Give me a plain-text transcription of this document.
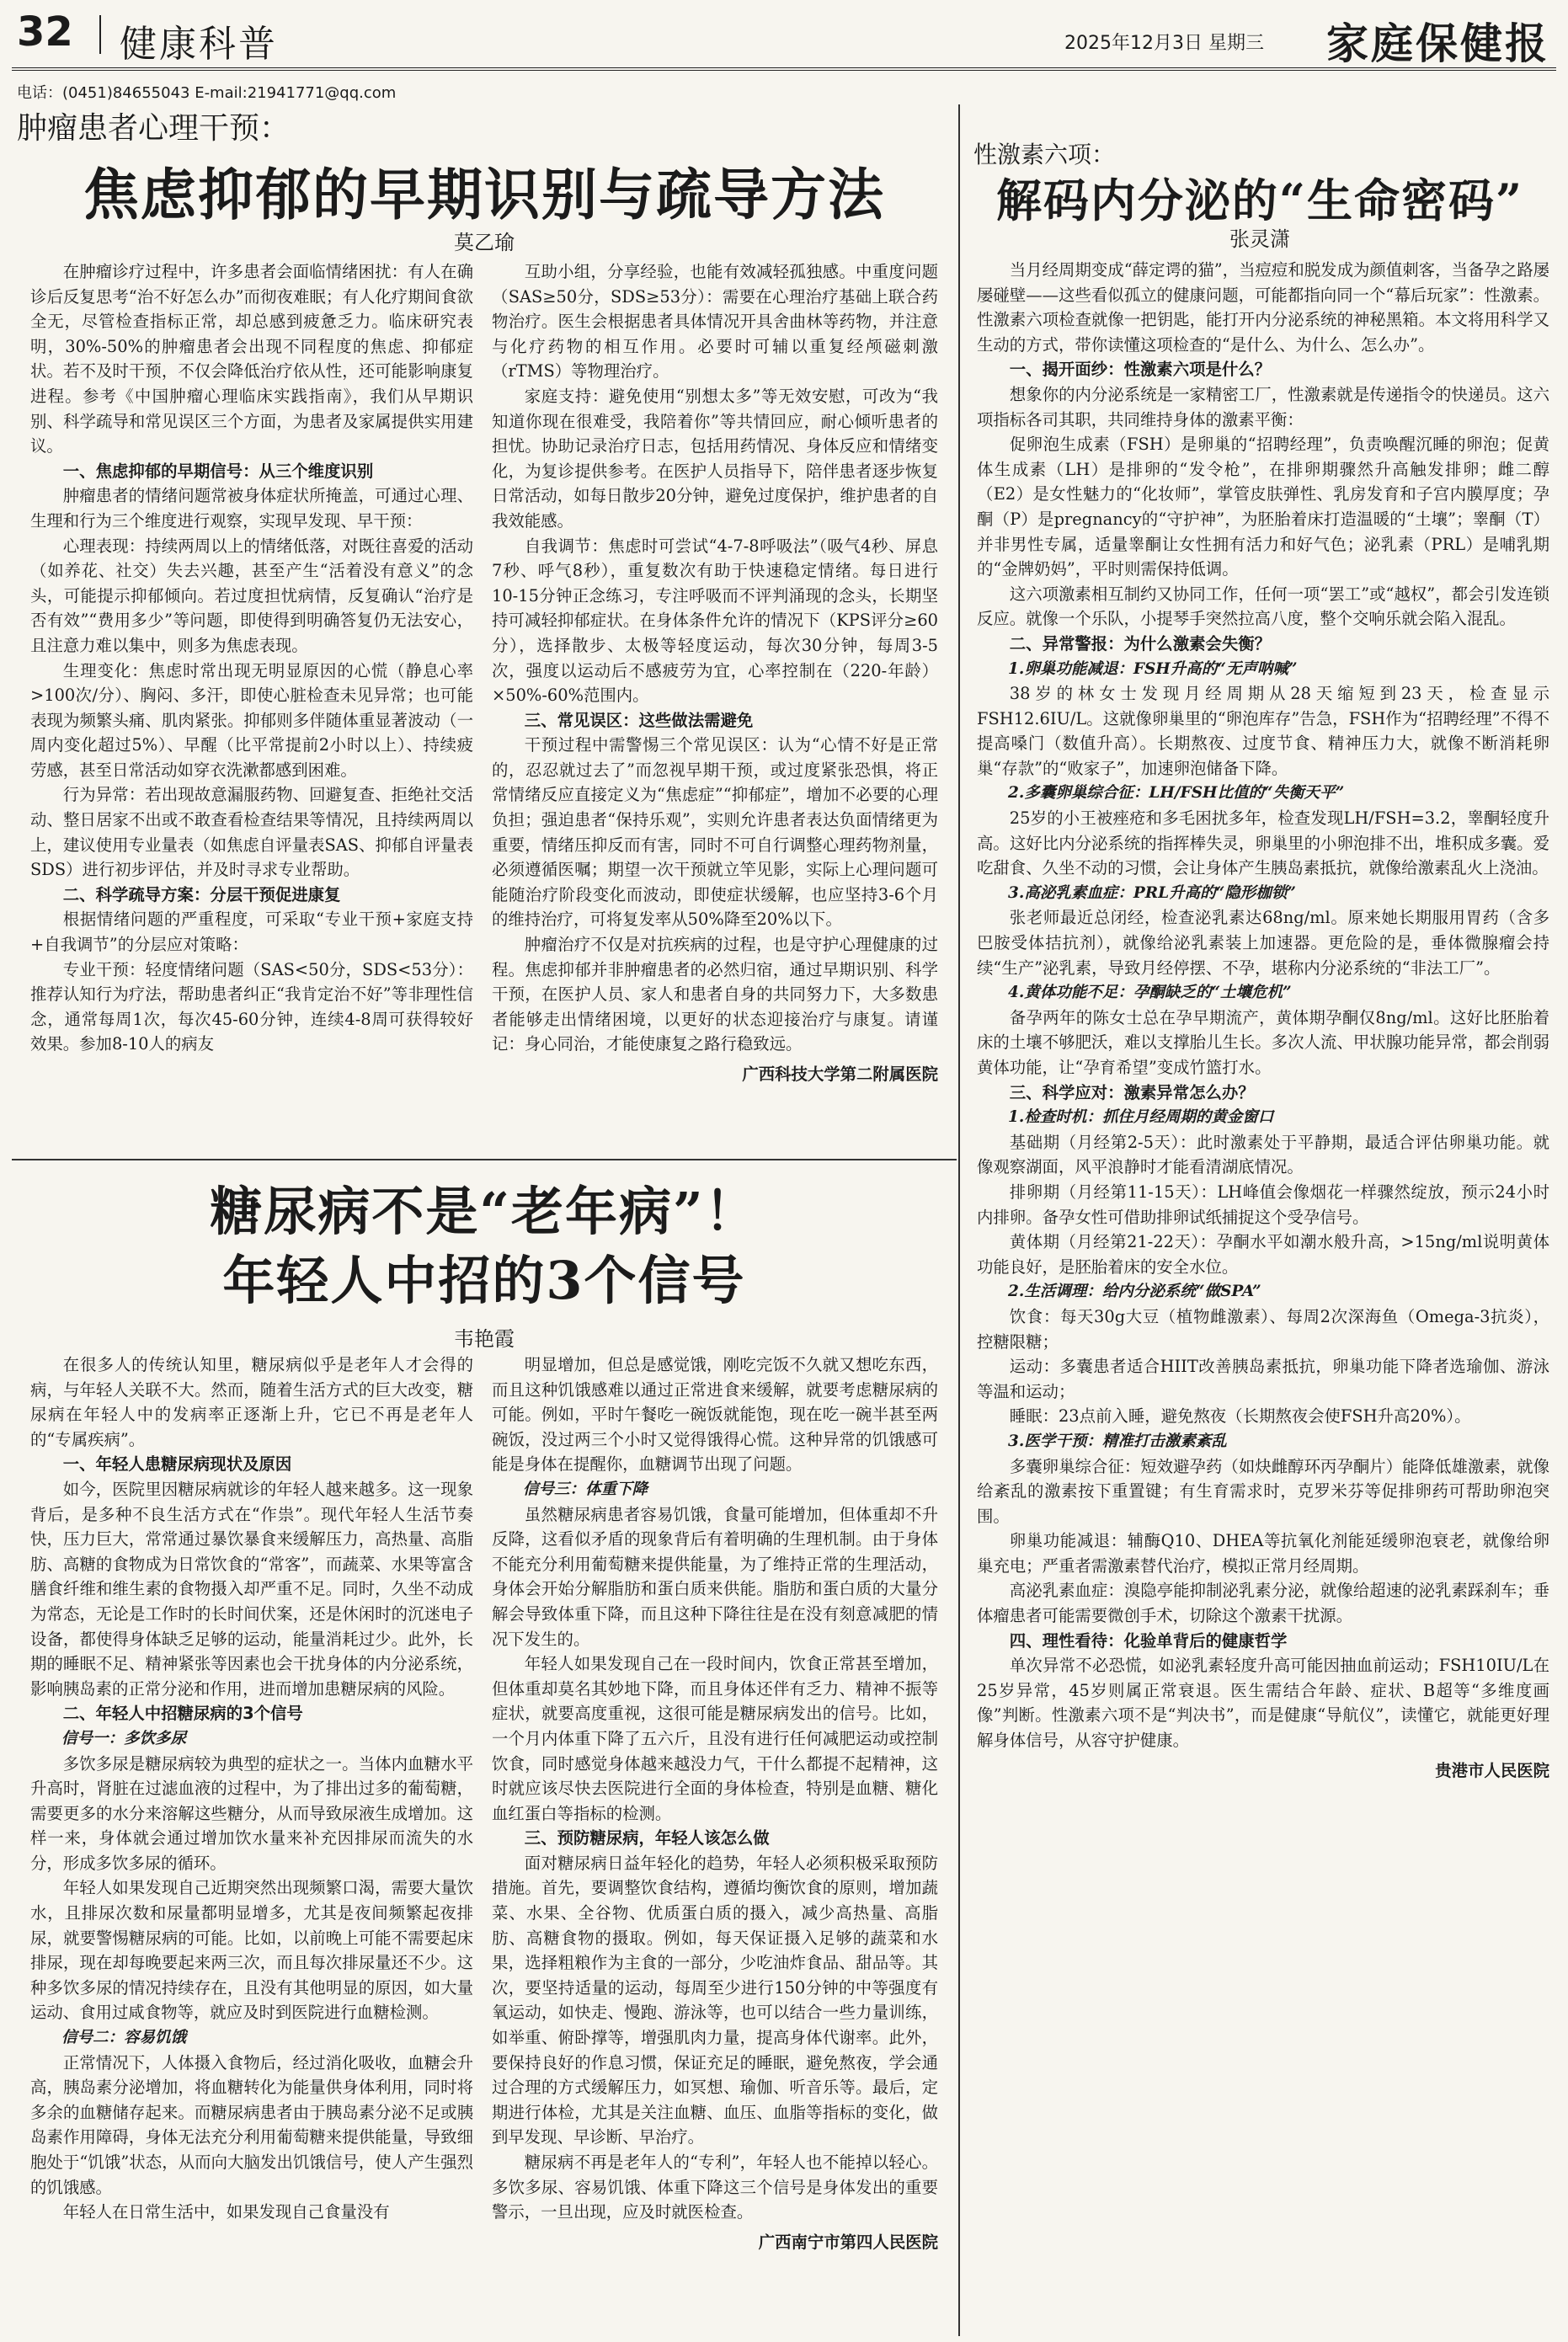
32 健康科普	2025年12月3日 星期三 家庭保健报
电话：(0451)84655043 E-mail:21941771@qq.com
肿瘤患者心理干预：
焦虑抑郁的早期识别与疏导方法
莫乙瑜

在肿瘤诊疗过程中，许多患者会面临情绪困扰：有人在确诊后反复思考“治不好怎么办”而彻夜难眠；有人化疗期间食欲全无，尽管检查指标正常，却总感到疲惫乏力。临床研究表明，30%-50%的肿瘤患者会出现不同程度的焦虑、抑郁症状。若不及时干预，不仅会降低治疗依从性，还可能影响康复进程。参考《中国肿瘤心理临床实践指南》，我们从早期识别、科学疏导和常见误区三个方面，为患者及家属提供实用建议。

一、焦虑抑郁的早期信号：从三个维度识别

肿瘤患者的情绪问题常被身体症状所掩盖，可通过心理、生理和行为三个维度进行观察，实现早发现、早干预：

心理表现：持续两周以上的情绪低落，对既往喜爱的活动（如养花、社交）失去兴趣，甚至产生“活着没有意义”的念头，可能提示抑郁倾向。若过度担忧病情，反复确认“治疗是否有效”“费用多少”等问题，即使得到明确答复仍无法安心，且注意力难以集中，则多为焦虑表现。

生理变化：焦虑时常出现无明显原因的心慌（静息心率>100次/分）、胸闷、多汗，即使心脏检查未见异常；也可能表现为频繁头痛、肌肉紧张。抑郁则多伴随体重显著波动（一周内变化超过5%）、早醒（比平常提前2小时以上）、持续疲劳感，甚至日常活动如穿衣洗漱都感到困难。

行为异常：若出现故意漏服药物、回避复查、拒绝社交活动、整日居家不出或不敢查看检查结果等情况，且持续两周以上，建议使用专业量表（如焦虑自评量表SAS、抑郁自评量表SDS）进行初步评估，并及时寻求专业帮助。

二、科学疏导方案：分层干预促进康复

根据情绪问题的严重程度，可采取“专业干预+家庭支持+自我调节”的分层应对策略：

专业干预：轻度情绪问题（SAS<50分，SDS<53分）：推荐认知行为疗法，帮助患者纠正“我肯定治不好”等非理性信念，通常每周1次，每次45-60分钟，连续4-8周可获得较好效果。参加8-10人的病友

互助小组，分享经验，也能有效减轻孤独感。中重度问题（SAS≥50分，SDS≥53分）：需要在心理治疗基础上联合药物治疗。医生会根据患者具体情况开具舍曲林等药物，并注意与化疗药物的相互作用。必要时可辅以重复经颅磁刺激（rTMS）等物理治疗。

家庭支持：避免使用“别想太多”等无效安慰，可改为“我知道你现在很难受，我陪着你”等共情回应，耐心倾听患者的担忧。协助记录治疗日志，包括用药情况、身体反应和情绪变化，为复诊提供参考。在医护人员指导下，陪伴患者逐步恢复日常活动，如每日散步20分钟，避免过度保护，维护患者的自我效能感。

自我调节：焦虑时可尝试“4-7-8呼吸法”（吸气4秒、屏息7秒、呼气8秒），重复数次有助于快速稳定情绪。每日进行10-15分钟正念练习，专注呼吸而不评判涌现的念头，长期坚持可减轻抑郁症状。在身体条件允许的情况下（KPS评分≥60分），选择散步、太极等轻度运动，每次30分钟，每周3-5次，强度以运动后不感疲劳为宜，心率控制在（220-年龄）×50%-60%范围内。

三、常见误区：这些做法需避免

干预过程中需警惕三个常见误区：认为“心情不好是正常的，忍忍就过去了”而忽视早期干预，或过度紧张恐惧，将正常情绪反应直接定义为“焦虑症”“抑郁症”，增加不必要的心理负担；强迫患者“保持乐观”，实则允许患者表达负面情绪更为重要，情绪压抑反而有害，同时不可自行调整心理药物剂量，必须遵循医嘱；期望一次干预就立竿见影，实际上心理问题可能随治疗阶段变化而波动，即使症状缓解，也应坚持3-6个月的维持治疗，可将复发率从50%降至20%以下。

肿瘤治疗不仅是对抗疾病的过程，也是守护心理健康的过程。焦虑抑郁并非肿瘤患者的必然归宿，通过早期识别、科学干预，在医护人员、家人和患者自身的共同努力下，大多数患者能够走出情绪困境，以更好的状态迎接治疗与康复。请谨记：身心同治，才能使康复之路行稳致远。

广西科技大学第二附属医院

糖尿病不是“老年病”！
年轻人中招的3个信号
韦艳霞

在很多人的传统认知里，糖尿病似乎是老年人才会得的病，与年轻人关联不大。然而，随着生活方式的巨大改变，糖尿病在年轻人中的发病率正逐渐上升，它已不再是老年人的“专属疾病”。

一、年轻人患糖尿病现状及原因

如今，医院里因糖尿病就诊的年轻人越来越多。这一现象背后，是多种不良生活方式在“作祟”。现代年轻人生活节奏快，压力巨大，常常通过暴饮暴食来缓解压力，高热量、高脂肪、高糖的食物成为日常饮食的“常客”，而蔬菜、水果等富含膳食纤维和维生素的食物摄入却严重不足。同时，久坐不动成为常态，无论是工作时的长时间伏案，还是休闲时的沉迷电子设备，都使得身体缺乏足够的运动，能量消耗过少。此外，长期的睡眠不足、精神紧张等因素也会干扰身体的内分泌系统，影响胰岛素的正常分泌和作用，进而增加患糖尿病的风险。

二、年轻人中招糖尿病的3个信号

信号一：多饮多尿

多饮多尿是糖尿病较为典型的症状之一。当体内血糖水平升高时，肾脏在过滤血液的过程中，为了排出过多的葡萄糖，需要更多的水分来溶解这些糖分，从而导致尿液生成增加。这样一来，身体就会通过增加饮水量来补充因排尿而流失的水分，形成多饮多尿的循环。

年轻人如果发现自己近期突然出现频繁口渴，需要大量饮水，且排尿次数和尿量都明显增多，尤其是夜间频繁起夜排尿，就要警惕糖尿病的可能。比如，以前晚上可能不需要起床排尿，现在却每晚要起来两三次，而且每次排尿量还不少。这种多饮多尿的情况持续存在，且没有其他明显的原因，如大量运动、食用过咸食物等，就应及时到医院进行血糖检测。

信号二：容易饥饿

正常情况下，人体摄入食物后，经过消化吸收，血糖会升高，胰岛素分泌增加，将血糖转化为能量供身体利用，同时将多余的血糖储存起来。而糖尿病患者由于胰岛素分泌不足或胰岛素作用障碍，身体无法充分利用葡萄糖来提供能量，导致细胞处于“饥饿”状态，从而向大脑发出饥饿信号，使人产生强烈的饥饿感。

年轻人在日常生活中，如果发现自己食量没有

明显增加，但总是感觉饿，刚吃完饭不久就又想吃东西，而且这种饥饿感难以通过正常进食来缓解，就要考虑糖尿病的可能。例如，平时午餐吃一碗饭就能饱，现在吃一碗半甚至两碗饭，没过两三个小时又觉得饿得心慌。这种异常的饥饿感可能是身体在提醒你，血糖调节出现了问题。

信号三：体重下降

虽然糖尿病患者容易饥饿，食量可能增加，但体重却不升反降，这看似矛盾的现象背后有着明确的生理机制。由于身体不能充分利用葡萄糖来提供能量，为了维持正常的生理活动，身体会开始分解脂肪和蛋白质来供能。脂肪和蛋白质的大量分解会导致体重下降，而且这种下降往往是在没有刻意减肥的情况下发生的。

年轻人如果发现自己在一段时间内，饮食正常甚至增加，但体重却莫名其妙地下降，而且身体还伴有乏力、精神不振等症状，就要高度重视，这很可能是糖尿病发出的信号。比如，一个月内体重下降了五六斤，且没有进行任何减肥运动或控制饮食，同时感觉身体越来越没力气，干什么都提不起精神，这时就应该尽快去医院进行全面的身体检查，特别是血糖、糖化血红蛋白等指标的检测。

三、预防糖尿病，年轻人该怎么做

面对糖尿病日益年轻化的趋势，年轻人必须积极采取预防措施。首先，要调整饮食结构，遵循均衡饮食的原则，增加蔬菜、水果、全谷物、优质蛋白质的摄入，减少高热量、高脂肪、高糖食物的摄取。例如，每天保证摄入足够的蔬菜和水果，选择粗粮作为主食的一部分，少吃油炸食品、甜品等。其次，要坚持适量的运动，每周至少进行150分钟的中等强度有氧运动，如快走、慢跑、游泳等，也可以结合一些力量训练，如举重、俯卧撑等，增强肌肉力量，提高身体代谢率。此外，要保持良好的作息习惯，保证充足的睡眠，避免熬夜，学会通过合理的方式缓解压力，如冥想、瑜伽、听音乐等。最后，定期进行体检，尤其是关注血糖、血压、血脂等指标的变化，做到早发现、早诊断、早治疗。

糖尿病不再是老年人的“专利”，年轻人也不能掉以轻心。多饮多尿、容易饥饿、体重下降这三个信号是身体发出的重要警示，一旦出现，应及时就医检查。

广西南宁市第四人民医院

性激素六项：
解码内分泌的“生命密码”
张灵潇

当月经周期变成“薛定谔的猫”，当痘痘和脱发成为颜值刺客，当备孕之路屡屡碰壁——这些看似孤立的健康问题，可能都指向同一个“幕后玩家”：性激素。性激素六项检查就像一把钥匙，能打开内分泌系统的神秘黑箱。本文将用科学又生动的方式，带你读懂这项检查的“是什么、为什么、怎么办”。

一、揭开面纱：性激素六项是什么？

想象你的内分泌系统是一家精密工厂，性激素就是传递指令的快递员。这六项指标各司其职，共同维持身体的激素平衡：

促卵泡生成素（FSH）是卵巢的“招聘经理”，负责唤醒沉睡的卵泡；促黄体生成素（LH）是排卵的“发令枪”，在排卵期骤然升高触发排卵；雌二醇（E2）是女性魅力的“化妆师”，掌管皮肤弹性、乳房发育和子宫内膜厚度；孕酮（P）是pregnancy的“守护神”，为胚胎着床打造温暖的“土壤”；睾酮（T）并非男性专属，适量睾酮让女性拥有活力和好气色；泌乳素（PRL）是哺乳期的“金牌奶妈”，平时则需保持低调。

这六项激素相互制约又协同工作，任何一项“罢工”或“越权”，都会引发连锁反应。就像一个乐队，小提琴手突然拉高八度，整个交响乐就会陷入混乱。

二、异常警报：为什么激素会失衡？

1.卵巢功能减退：FSH升高的“无声呐喊”

38岁的林女士发现月经周期从28天缩短到23天，检查显示FSH12.6IU/L。这就像卵巢里的“卵泡库存”告急，FSH作为“招聘经理”不得不提高嗓门（数值升高）。长期熬夜、过度节食、精神压力大，就像不断消耗卵巢“存款”的“败家子”，加速卵泡储备下降。

2.多囊卵巢综合征：LH/FSH比值的“失衡天平”

25岁的小王被痤疮和多毛困扰多年，检查发现LH/FSH=3.2，睾酮轻度升高。这好比内分泌系统的指挥棒失灵，卵巢里的小卵泡排不出，堆积成多囊。爱吃甜食、久坐不动的习惯，会让身体产生胰岛素抵抗，就像给激素乱火上浇油。

3.高泌乳素血症：PRL升高的“隐形枷锁”

张老师最近总闭经，检查泌乳素达68ng/ml。原来她长期服用胃药（含多巴胺受体拮抗剂），就像给泌乳素装上加速器。更危险的是，垂体微腺瘤会持续“生产”泌乳素，导致月经停摆、不孕，堪称内分泌系统的“非法工厂”。

4.黄体功能不足：孕酮缺乏的“土壤危机”

备孕两年的陈女士总在孕早期流产，黄体期孕酮仅8ng/ml。这好比胚胎着床的土壤不够肥沃，难以支撑胎儿生长。多次人流、甲状腺功能异常，都会削弱黄体功能，让“孕育希望”变成竹篮打水。

三、科学应对：激素异常怎么办？

1.检查时机：抓住月经周期的黄金窗口

基础期（月经第2-5天）：此时激素处于平静期，最适合评估卵巢功能。就像观察湖面，风平浪静时才能看清湖底情况。

排卵期（月经第11-15天）：LH峰值会像烟花一样骤然绽放，预示24小时内排卵。备孕女性可借助排卵试纸捕捉这个受孕信号。

黄体期（月经第21-22天）：孕酮水平如潮水般升高，>15ng/ml说明黄体功能良好，是胚胎着床的安全水位。

2.生活调理：给内分泌系统“做SPA”

饮食：每天30g大豆（植物雌激素）、每周2次深海鱼（Omega-3抗炎），控糖限糖；

运动：多囊患者适合HIIT改善胰岛素抵抗，卵巢功能下降者选瑜伽、游泳等温和运动；

睡眠：23点前入睡，避免熬夜（长期熬夜会使FSH升高20%）。

3.医学干预：精准打击激素紊乱

多囊卵巢综合征：短效避孕药（如炔雌醇环丙孕酮片）能降低雄激素，就像给紊乱的激素按下重置键；有生育需求时，克罗米芬等促排卵药可帮助卵泡突围。

卵巢功能减退：辅酶Q10、DHEA等抗氧化剂能延缓卵泡衰老，就像给卵巢充电；严重者需激素替代治疗，模拟正常月经周期。

高泌乳素血症：溴隐亭能抑制泌乳素分泌，就像给超速的泌乳素踩刹车；垂体瘤患者可能需要微创手术，切除这个激素干扰源。

四、理性看待：化验单背后的健康哲学

单次异常不必恐慌，如泌乳素轻度升高可能因抽血前运动；FSH10IU/L在25岁异常，45岁则属正常衰退。医生需结合年龄、症状、B超等“多维度画像”判断。性激素六项不是“判决书”，而是健康“导航仪”，读懂它，就能更好理解身体信号，从容守护健康。

贵港市人民医院
